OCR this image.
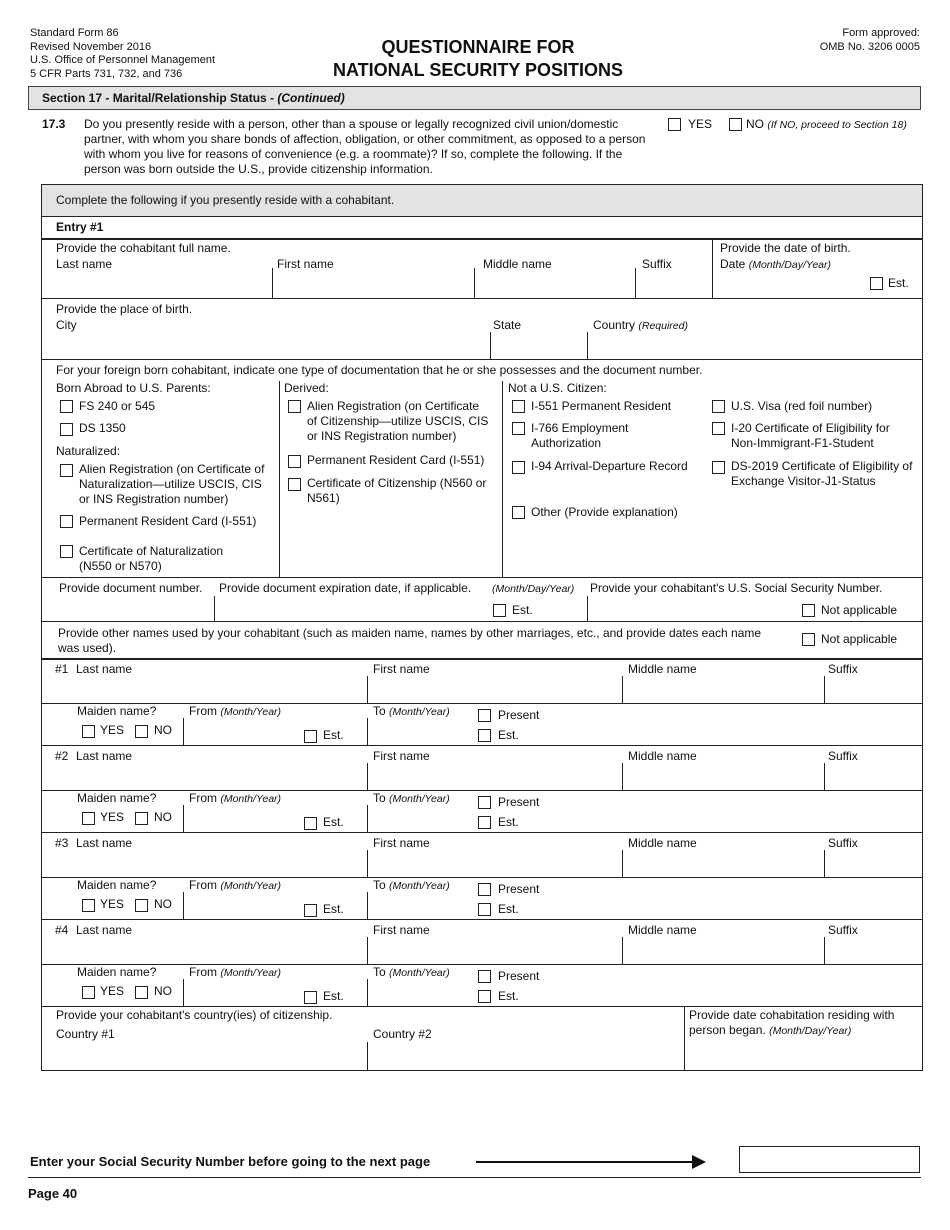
Standard Form 86
Revised November 2016
U.S. Office of Personnel Management
5 CFR Parts 731, 732, and 736
QUESTIONNAIRE FOR
NATIONAL SECURITY POSITIONS
Form approved:
OMB No. 3206 0005
Section 17 - Marital/Relationship Status - (Continued)
17.3 Do you presently reside with a person, other than a spouse or legally recognized civil union/domestic partner, with whom you share bonds of affection, obligation, or other commitment, as opposed to a person with whom you live for reasons of convenience (e.g. a roommate)? If so, complete the following. If the person was born outside the U.S., provide citizenship information.
YES	NO (If NO, proceed to Section 18)
Complete the following if you presently reside with a cohabitant.
Entry #1
Provide the cohabitant full name.
Last name	First name	Middle name	Suffix
Provide the date of birth.
Date (Month/Day/Year)
Est.
Provide the place of birth.
City	State	Country (Required)
For your foreign born cohabitant, indicate one type of documentation that he or she possesses and the document number.
Born Abroad to U.S. Parents:
FS 240 or 545
DS 1350
Naturalized:
Alien Registration (on Certificate of Naturalization—utilize USCIS, CIS or INS Registration number)
Permanent Resident Card (I-551)
Certificate of Naturalization (N550 or N570)
Derived:
Alien Registration (on Certificate of Citizenship—utilize USCIS, CIS or INS Registration number)
Permanent Resident Card (I-551)
Certificate of Citizenship (N560 or N561)
Not a U.S. Citizen:
I-551 Permanent Resident
I-766 Employment Authorization
I-94 Arrival-Departure Record
Other (Provide explanation)
U.S. Visa (red foil number)
I-20 Certificate of Eligibility for Non-Immigrant-F1-Student
DS-2019 Certificate of Eligibility of Exchange Visitor-J1-Status
Provide document number. Provide document expiration date, if applicable. (Month/Day/Year) Provide your cohabitant's U.S. Social Security Number.
Est.	Not applicable
Provide other names used by your cohabitant (such as maiden name, names by other marriages, etc., and provide dates each name was used).
Not applicable
#1 Last name	First name	Middle name	Suffix
Maiden name?	From (Month/Year)	To (Month/Year)
YES NO	Est.
Present
Est.
#2 Last name	First name	Middle name	Suffix
Maiden name?	From (Month/Year)	To (Month/Year)
YES NO	Est.
Present
Est.
#3 Last name	First name	Middle name	Suffix
Maiden name?	From (Month/Year)	To (Month/Year)
YES NO	Est.
Present
Est.
#4 Last name	First name	Middle name	Suffix
Maiden name?	From (Month/Year)	To (Month/Year)
YES NO	Est.
Present
Est.
Provide your cohabitant's country(ies) of citizenship.
Country #1	Country #2
Provide date cohabitation residing with person began. (Month/Day/Year)
Enter your Social Security Number before going to the next page
Page 40
